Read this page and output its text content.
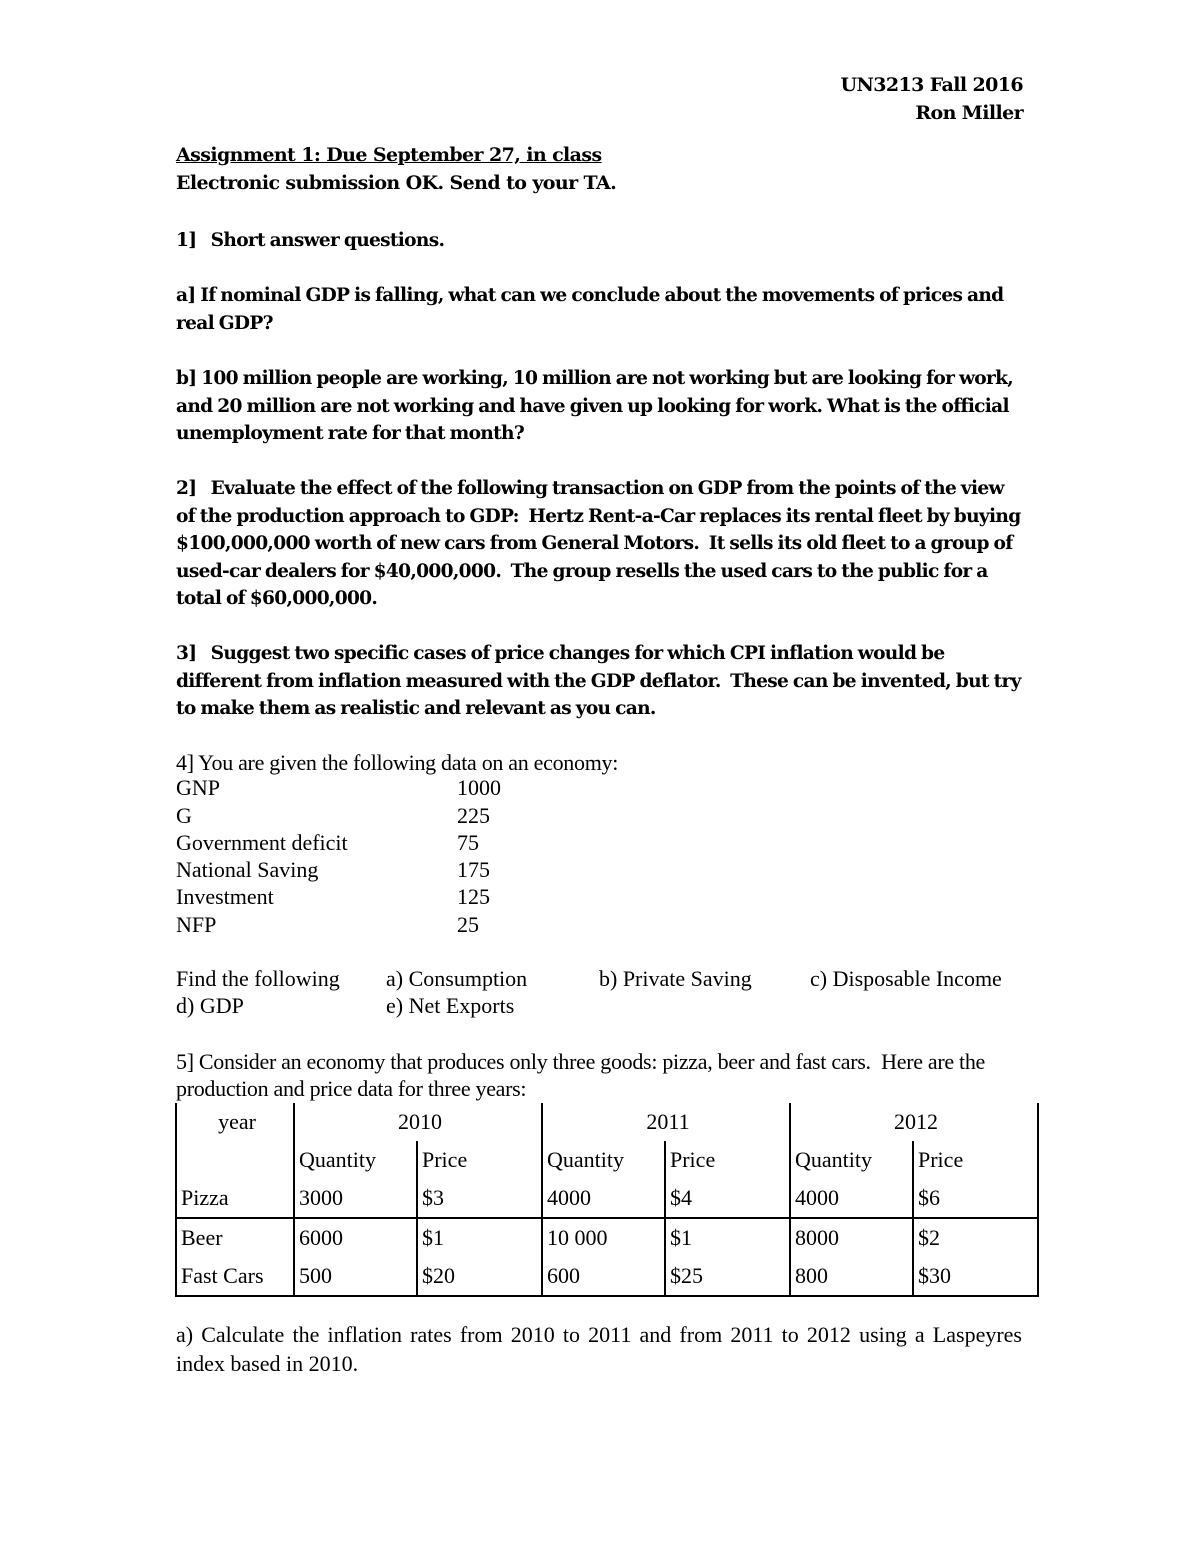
UN3213 Fall 2016
Ron Miller
Assignment 1: Due September 27, in class
Electronic submission OK. Send to your TA.
1]   Short answer questions.
a] If nominal GDP is falling, what can we conclude about the movements of prices and real GDP?
b] 100 million people are working, 10 million are not working but are looking for work, and 20 million are not working and have given up looking for work. What is the official unemployment rate for that month?
2]   Evaluate the effect of the following transaction on GDP from the points of the view of the production approach to GDP:  Hertz Rent-a-Car replaces its rental fleet by buying $100,000,000 worth of new cars from General Motors.  It sells its old fleet to a group of used-car dealers for $40,000,000.  The group resells the used cars to the public for a total of $60,000,000.
3]   Suggest two specific cases of price changes for which CPI inflation would be different from inflation measured with the GDP deflator.  These can be invented, but try to make them as realistic and relevant as you can.
4] You are given the following data on an economy:
GNP	1000
G	225
Government deficit	75
National Saving	175
Investment	125
NFP	25
Find the following a) Consumption	b) Private Saving	c) Disposable Income
d) GDP	e) Net Exports
5] Consider an economy that produces only three goods: pizza, beer and fast cars.  Here are the production and price data for three years:
year	2010		2011		2012	
	Quantity	Price	Quantity	Price	Quantity	Price
Pizza	3000	$3	4000	$4	4000	$6
Beer	6000	$1	10 000	$1	8000	$2
Fast Cars	500	$20	600	$25	800	$30
a) Calculate the inflation rates from 2010 to 2011 and from 2011 to 2012 using a Laspeyres index based in 2010.
